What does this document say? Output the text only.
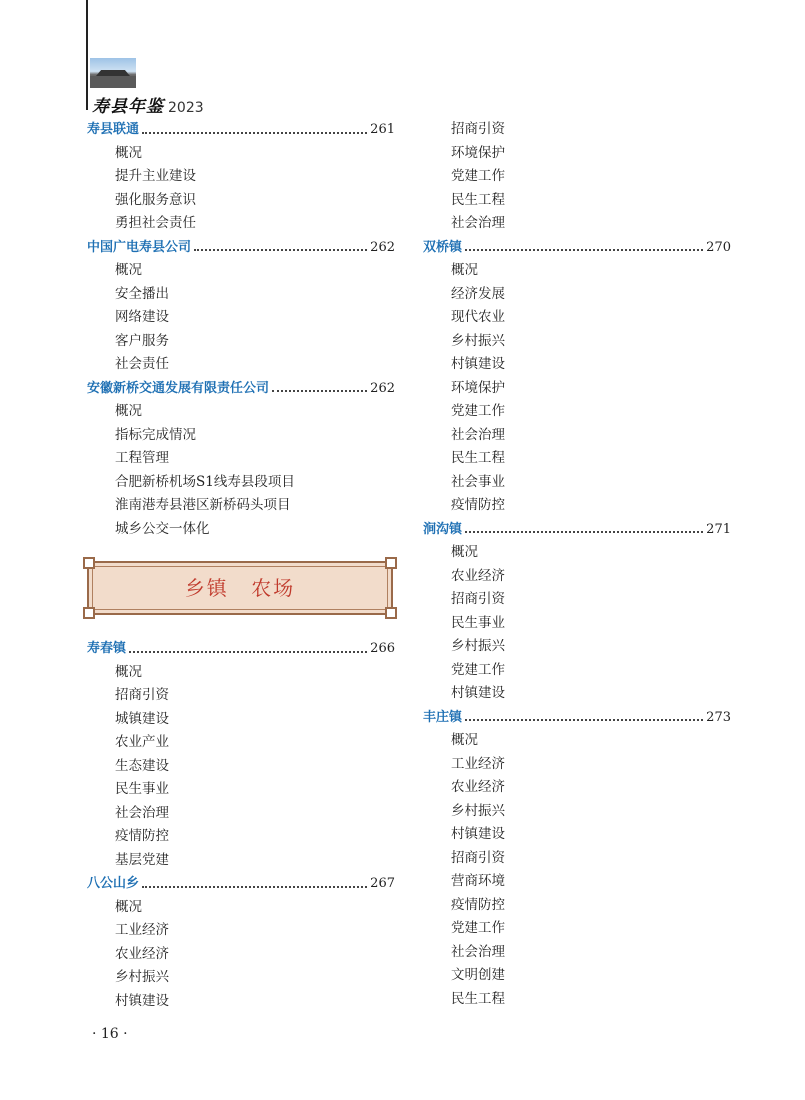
寿县年鉴 2023
寿县联通	261
概况
提升主业建设
强化服务意识
勇担社会责任
中国广电寿县公司	262
概况
安全播出
网络建设
客户服务
社会责任
安徽新桥交通发展有限责任公司	262
概况
指标完成情况
工程管理
合肥新桥机场S1线寿县段项目
淮南港寿县港区新桥码头项目
城乡公交一体化
乡镇 农场
寿春镇	266
概况
招商引资
城镇建设
农业产业
生态建设
民生事业
社会治理
疫情防控
基层党建
八公山乡	267
概况
工业经济
农业经济
乡村振兴
村镇建设
招商引资
环境保护
党建工作
民生工程
社会治理
双桥镇	270
概况
经济发展
现代农业
乡村振兴
村镇建设
环境保护
党建工作
社会治理
民生工程
社会事业
疫情防控
涧沟镇	271
概况
农业经济
招商引资
民生事业
乡村振兴
党建工作
村镇建设
丰庄镇	273
概况
工业经济
农业经济
乡村振兴
村镇建设
招商引资
营商环境
疫情防控
党建工作
社会治理
文明创建
民生工程
· 16 ·
